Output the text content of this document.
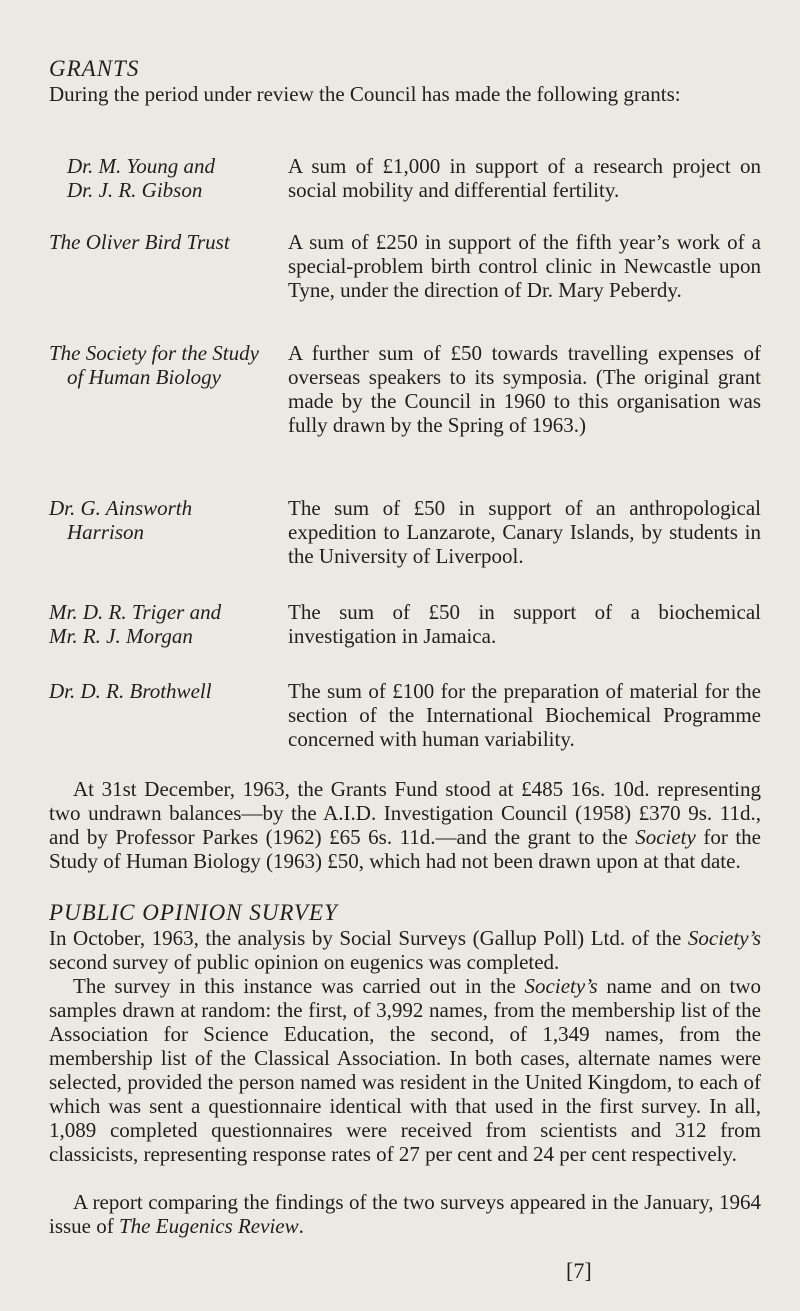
GRANTS
During the period under review the Council has made the following grants:
Dr. M. Young and
Dr. J. R. Gibson
A sum of £1,000 in support of a research project on social mobility and differential fertility.
The Oliver Bird Trust	A sum of £250 in support of the fifth year’s work of a special-problem birth control clinic in Newcastle upon Tyne, under the direction of Dr. Mary Peberdy.
The Society for the Study
of Human Biology
A further sum of £50 towards travelling expenses of overseas speakers to its symposia. (The original grant made by the Council in 1960 to this organisation was fully drawn by the Spring of 1963.)
Dr. G. Ainsworth
Harrison
The sum of £50 in support of an anthropological expedition to Lanzarote, Canary Islands, by students in the University of Liverpool.
Mr. D. R. Triger and
Mr. R. J. Morgan
The sum of £50 in support of a biochemical investigation in Jamaica.
Dr. D. R. Brothwell	The sum of £100 for the preparation of material for the section of the International Biochemical Programme concerned with human variability.
At 31st December, 1963, the Grants Fund stood at £485 16s. 10d. representing two undrawn balances—by the A.I.D. Investigation Council (1958) £370 9s. 11d., and by Professor Parkes (1962) £65 6s. 11d.—and the grant to the Society for the Study of Human Biology (1963) £50, which had not been drawn upon at that date.
PUBLIC OPINION SURVEY
In October, 1963, the analysis by Social Surveys (Gallup Poll) Ltd. of the Society’s second survey of public opinion on eugenics was completed.
The survey in this instance was carried out in the Society’s name and on two samples drawn at random: the first, of 3,992 names, from the membership list of the Association for Science Education, the second, of 1,349 names, from the membership list of the Classical Association. In both cases, alternate names were selected, provided the person named was resident in the United Kingdom, to each of which was sent a questionnaire identical with that used in the first survey. In all, 1,089 completed questionnaires were received from scientists and 312 from classicists, representing response rates of 27 per cent and 24 per cent respectively.
A report comparing the findings of the two surveys appeared in the January, 1964 issue of The Eugenics Review.
[7]
